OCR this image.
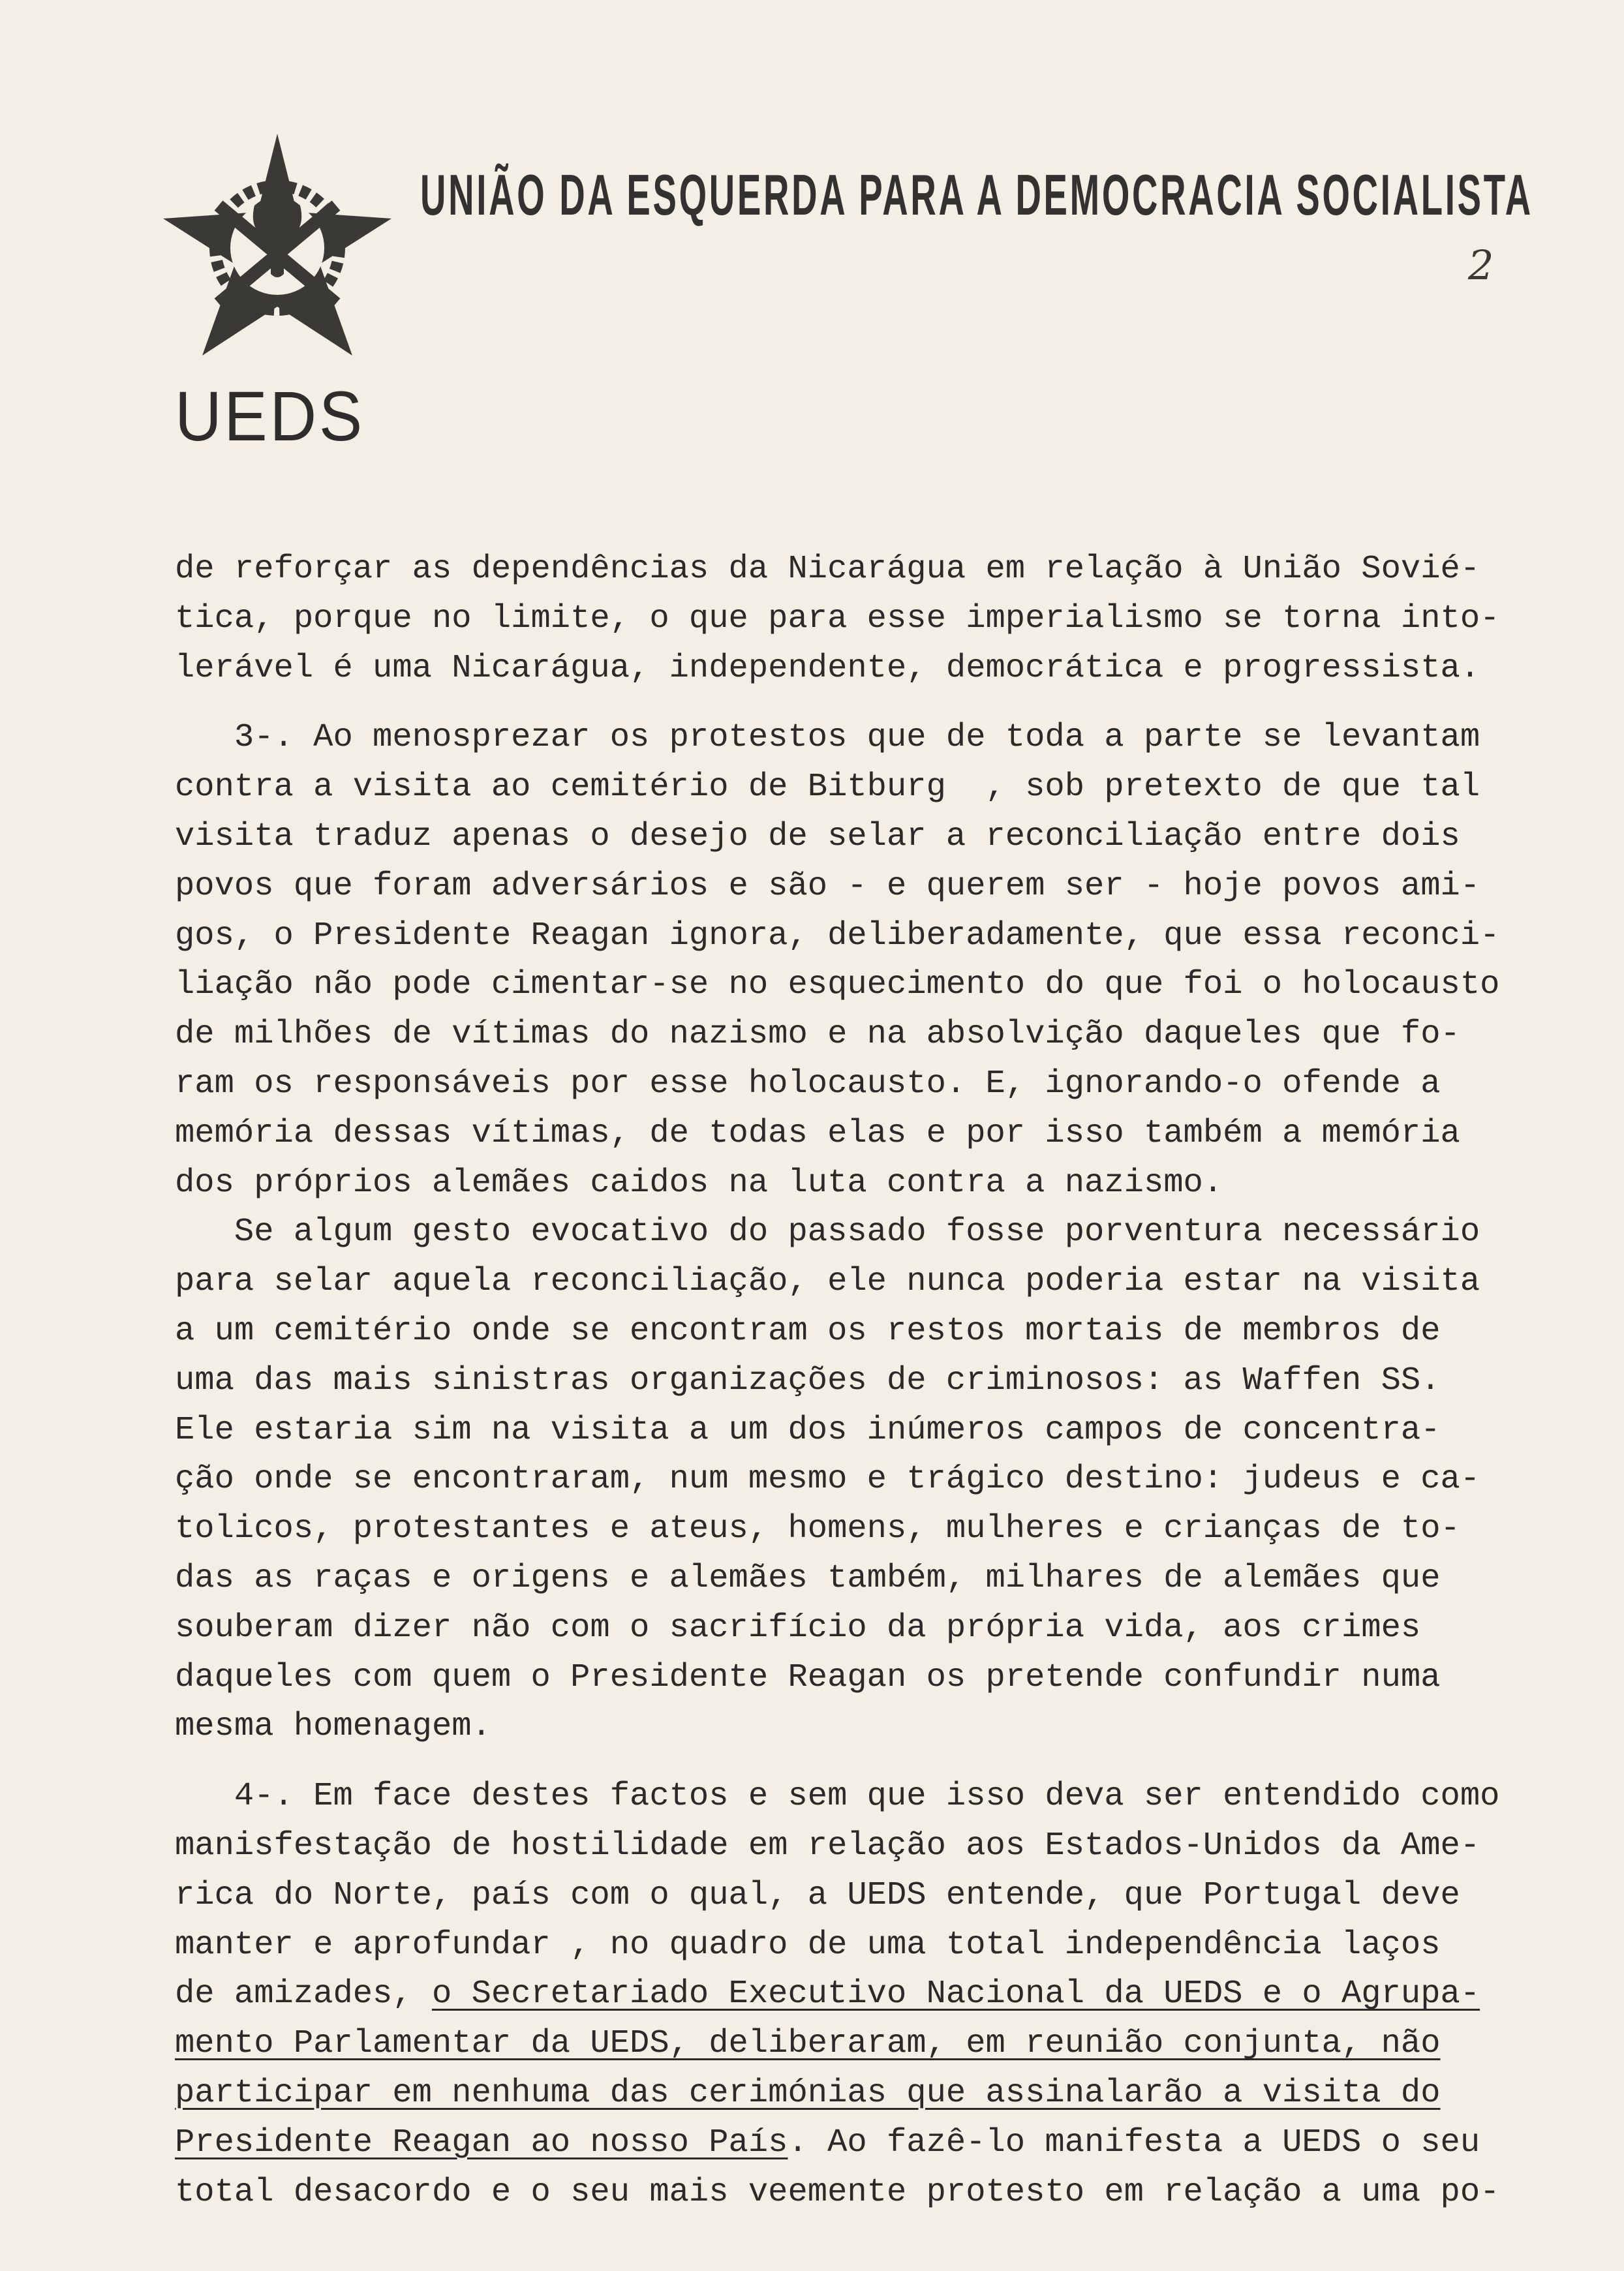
UEDS
UNIÃO DA ESQUERDA PARA A DEMOCRACIA SOCIALISTA
2
de reforçar as dependências da Nicarágua em relação à União Sovié-
tica, porque no limite, o que para esse imperialismo se torna into-
lerável é uma Nicarágua, independente, democrática e progressista.
3-. Ao menosprezar os protestos que de toda a parte se levantam
contra a visita ao cemitério de Bitburg  , sob pretexto de que tal
visita traduz apenas o desejo de selar a reconciliação entre dois
povos que foram adversários e são - e querem ser - hoje povos ami-
gos, o Presidente Reagan ignora, deliberadamente, que essa reconci-
liação não pode cimentar-se no esquecimento do que foi o holocausto
de milhões de vítimas do nazismo e na absolvição daqueles que fo-
ram os responsáveis por esse holocausto. E, ignorando-o ofende a
memória dessas vítimas, de todas elas e por isso também a memória
dos próprios alemães caidos na luta contra a nazismo.
Se algum gesto evocativo do passado fosse porventura necessário
para selar aquela reconciliação, ele nunca poderia estar na visita
a um cemitério onde se encontram os restos mortais de membros de
uma das mais sinistras organizações de criminosos: as Waffen SS.
Ele estaria sim na visita a um dos inúmeros campos de concentra-
ção onde se encontraram, num mesmo e trágico destino: judeus e ca-
tolicos, protestantes e ateus, homens, mulheres e crianças de to-
das as raças e origens e alemães também, milhares de alemães que
souberam dizer não com o sacrifício da própria vida, aos crimes
daqueles com quem o Presidente Reagan os pretende confundir numa
mesma homenagem.
4-. Em face destes factos e sem que isso deva ser entendido como
manisfestação de hostilidade em relação aos Estados-Unidos da Ame-
rica do Norte, país com o qual, a UEDS entende, que Portugal deve
manter e aprofundar , no quadro de uma total independência laços
de amizades, o Secretariado Executivo Nacional da UEDS e o Agrupa-
mento Parlamentar da UEDS, deliberaram, em reunião conjunta, não
participar em nenhuma das cerimónias que assinalarão a visita do
Presidente Reagan ao nosso País. Ao fazê-lo manifesta a UEDS o seu
total desacordo e o seu mais veemente protesto em relação a uma po-
